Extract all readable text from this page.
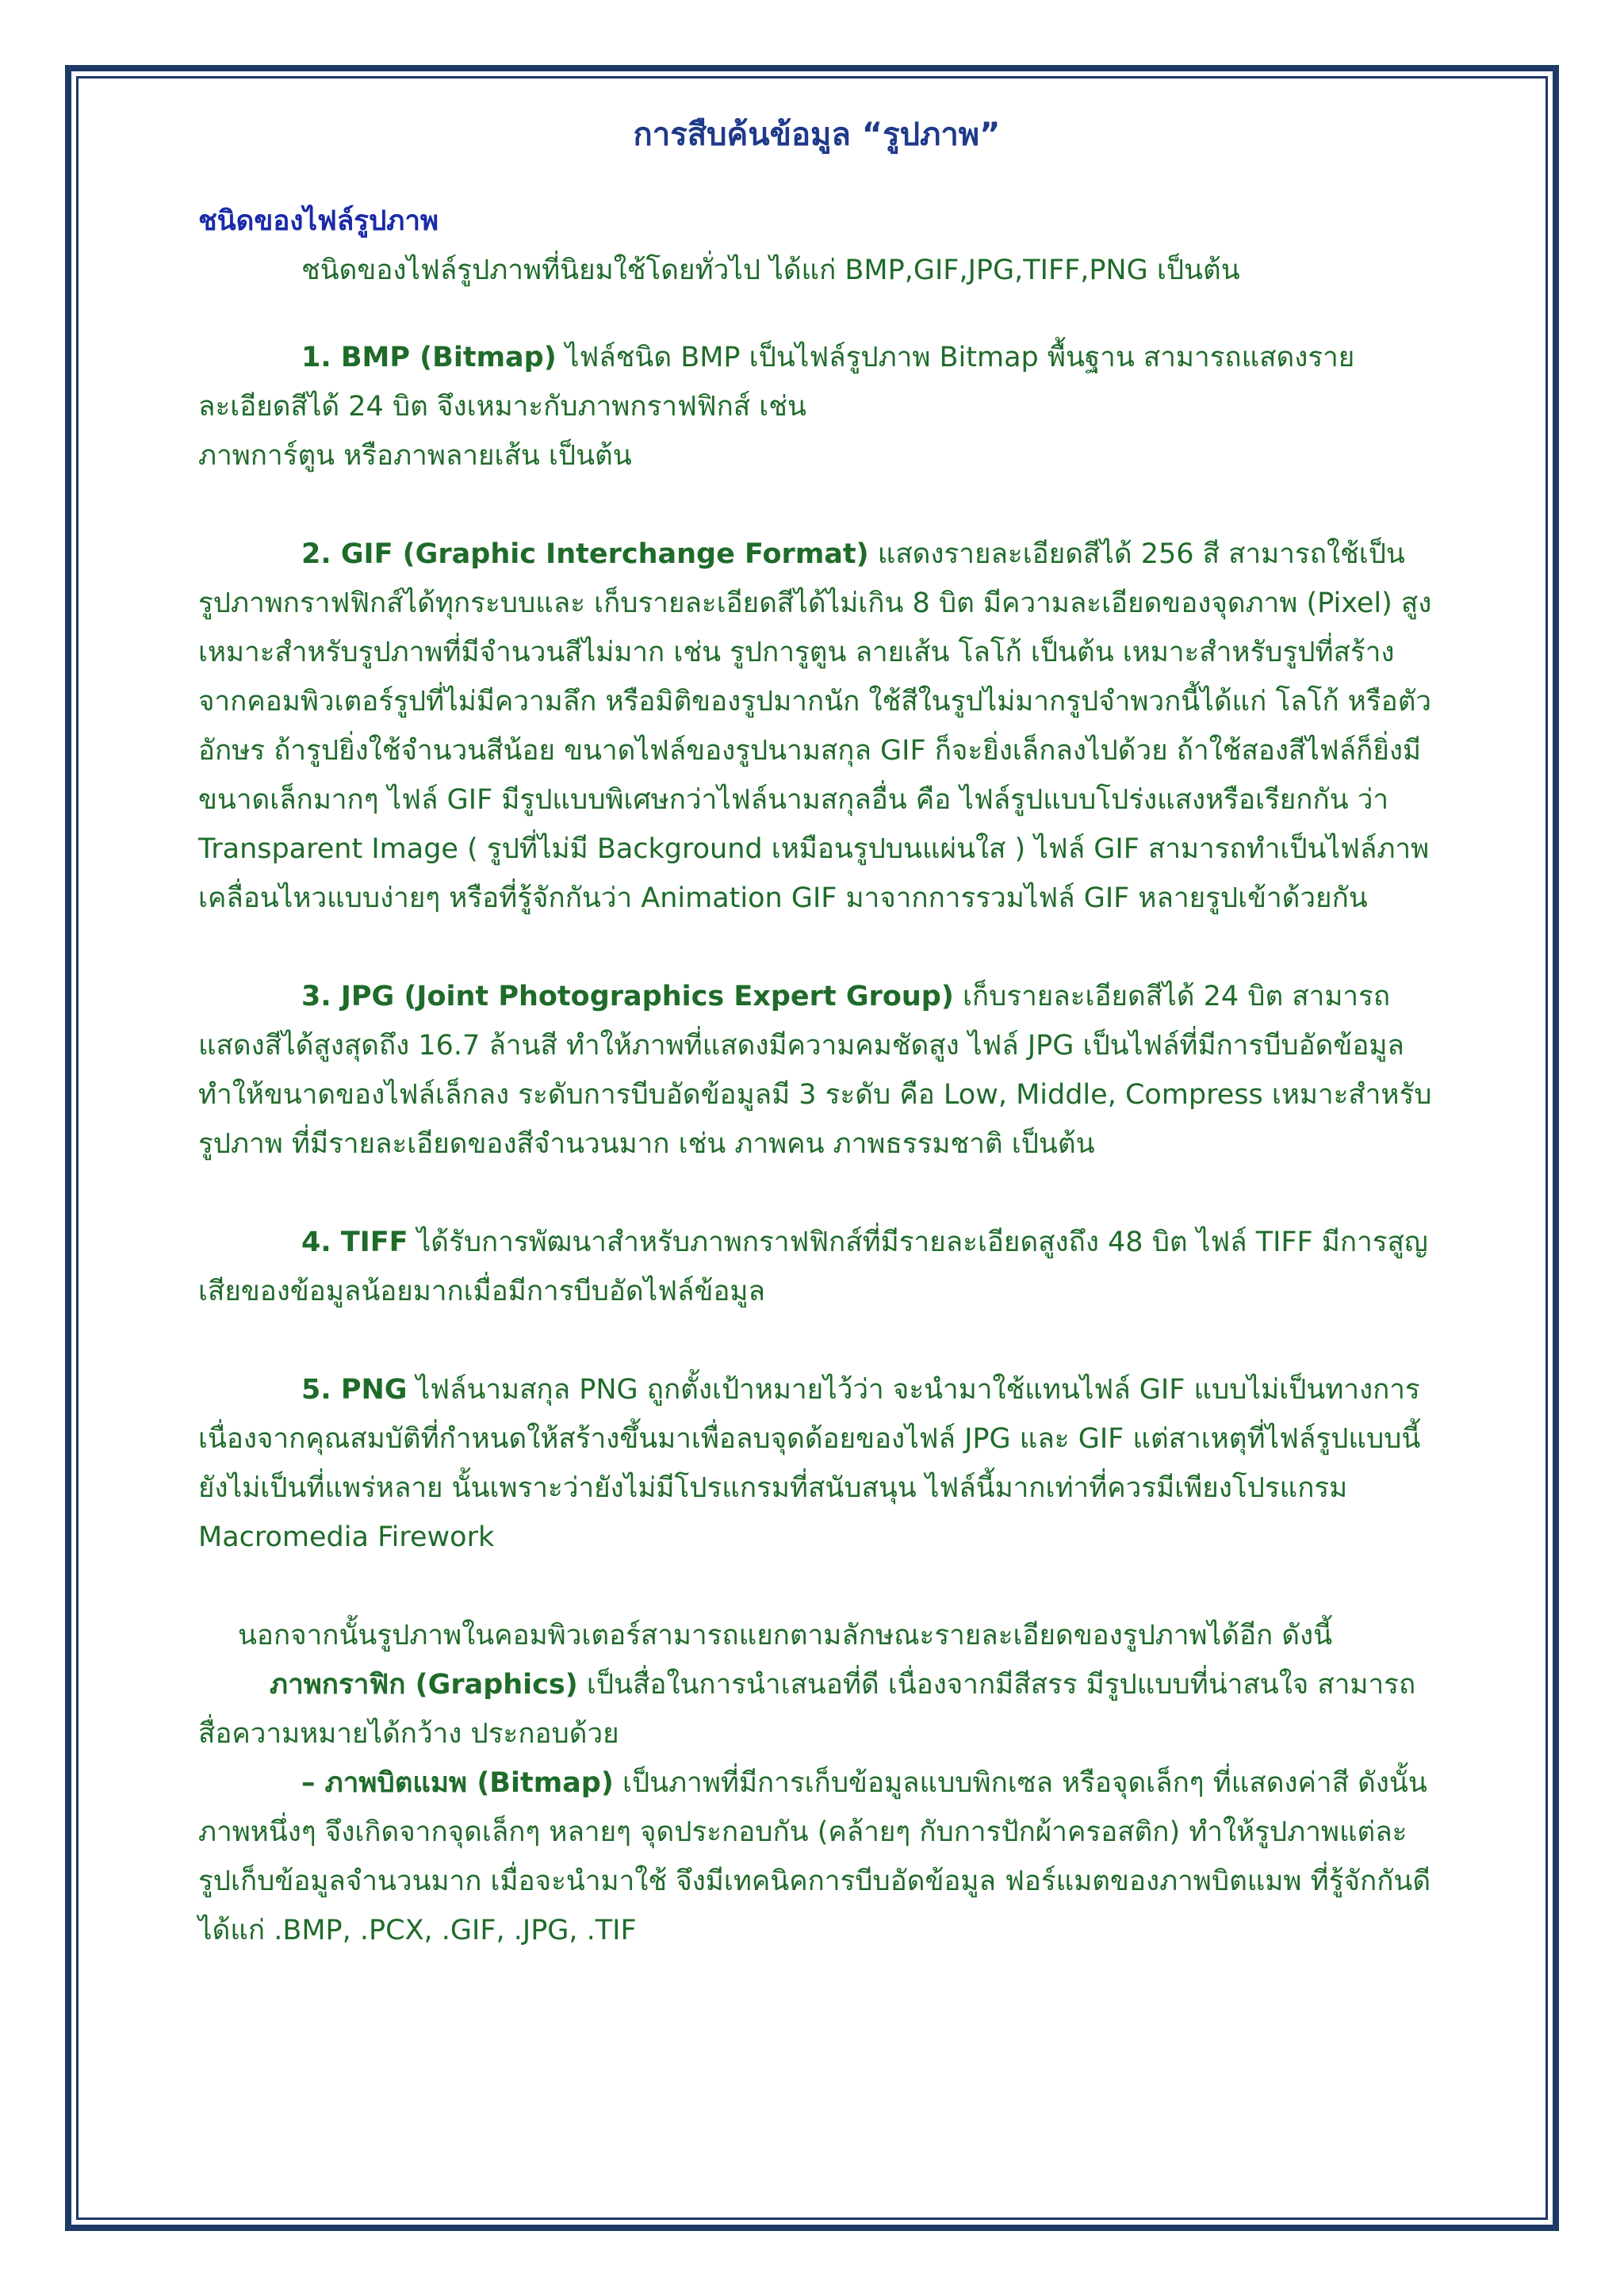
การสืบค้นข้อมูล “รูปภาพ”

ชนิดของไฟล์รูปภาพ

ชนิดของไฟล์รูปภาพที่นิยมใช้โดยทั่วไป ได้แก่ BMP,GIF,JPG,TIFF,PNG เป็นต้น

1. BMP (Bitmap) ไฟล์ชนิด BMP เป็นไฟล์รูปภาพ Bitmap พื้นฐาน สามารถแสดงรายละเอียดสีได้ 24 บิต จึงเหมาะกับภาพกราฟฟิกส์ เช่น

ภาพการ์ตูน หรือภาพลายเส้น เป็นต้น

2. GIF (Graphic Interchange Format) แสดงรายละเอียดสีได้ 256 สี สามารถใช้เป็นรูปภาพกราฟฟิกส์ได้ทุกระบบและ เก็บรายละเอียดสีได้ไม่เกิน 8 บิต มีความละเอียดของจุดภาพ (Pixel) สูง เหมาะสำหรับรูปภาพที่มีจำนวนสีไม่มาก เช่น รูปการูตูน ลายเส้น โลโก้ เป็นต้น เหมาะสำหรับรูปที่สร้างจากคอมพิวเตอร์รูปที่ไม่มีความลึก หรือมิติของรูปมากนัก ใช้สีในรูปไม่มากรูปจำพวกนี้ได้แก่ โลโก้ หรือตัวอักษร ถ้ารูปยิ่งใช้จำนวนสีน้อย ขนาดไฟล์ของรูปนามสกุล GIF ก็จะยิ่งเล็กลงไปด้วย ถ้าใช้สองสีไฟล์ก็ยิ่งมีขนาดเล็กมากๆ ไฟล์ GIF มีรูปแบบพิเศษกว่าไฟล์นามสกุลอื่น คือ ไฟล์รูปแบบโปร่งแสงหรือเรียกกัน ว่า Transparent Image ( รูปที่ไม่มี Background เหมือนรูปบนแผ่นใส ) ไฟล์ GIF สามารถทำเป็นไฟล์ภาพเคลื่อนไหวแบบง่ายๆ หรือที่รู้จักกันว่า Animation GIF มาจากการรวมไฟล์ GIF หลายรูปเข้าด้วยกัน

3. JPG (Joint Photographics Expert Group) เก็บรายละเอียดสีได้ 24 บิต สามารถแสดงสีได้สูงสุดถึง 16.7 ล้านสี ทำให้ภาพที่แสดงมีความคมชัดสูง ไฟล์ JPG เป็นไฟล์ที่มีการบีบอัดข้อมูลทำให้ขนาดของไฟล์เล็กลง ระดับการบีบอัดข้อมูลมี 3 ระดับ คือ Low, Middle, Compress เหมาะสำหรับรูปภาพ ที่มีรายละเอียดของสีจำนวนมาก เช่น ภาพคน ภาพธรรมชาติ เป็นต้น

4. TIFF ได้รับการพัฒนาสำหรับภาพกราฟฟิกส์ที่มีรายละเอียดสูงถึง 48 บิต ไฟล์ TIFF มีการสูญเสียของข้อมูลน้อยมากเมื่อมีการบีบอัดไฟล์ข้อมูล

5. PNG ไฟล์นามสกุล PNG ถูกตั้งเป้าหมายไว้ว่า จะนำมาใช้แทนไฟล์ GIF แบบไม่เป็นทางการ เนื่องจากคุณสมบัติที่กำหนดให้สร้างขึ้นมาเพื่อลบจุดด้อยของไฟล์ JPG และ GIF แต่สาเหตุที่ไฟล์รูปแบบนี้ ยังไม่เป็นที่แพร่หลาย นั้นเพราะว่ายังไม่มีโปรแกรมที่สนับสนุน ไฟล์นี้มากเท่าที่ควรมีเพียงโปรแกรม Macromedia Firework

นอกจากนั้นรูปภาพในคอมพิวเตอร์สามารถแยกตามลักษณะรายละเอียดของรูปภาพได้อีก ดังนี้

ภาพกราฟิก (Graphics) เป็นสื่อในการนำเสนอที่ดี เนื่องจากมีสีสรร มีรูปแบบที่น่าสนใจ สามารถสื่อความหมายได้กว้าง ประกอบด้วย

– ภาพบิตแมพ (Bitmap) เป็นภาพที่มีการเก็บข้อมูลแบบพิกเซล หรือจุดเล็กๆ ที่แสดงค่าสี ดังนั้นภาพหนึ่งๆ จึงเกิดจากจุดเล็กๆ หลายๆ จุดประกอบกัน (คล้ายๆ กับการปักผ้าครอสติก) ทำให้รูปภาพแต่ละรูปเก็บข้อมูลจำนวนมาก เมื่อจะนำมาใช้ จึงมีเทคนิคการบีบอัดข้อมูล ฟอร์แมตของภาพบิตแมพ ที่รู้จักกันดีได้แก่ .BMP, .PCX, .GIF, .JPG, .TIF
